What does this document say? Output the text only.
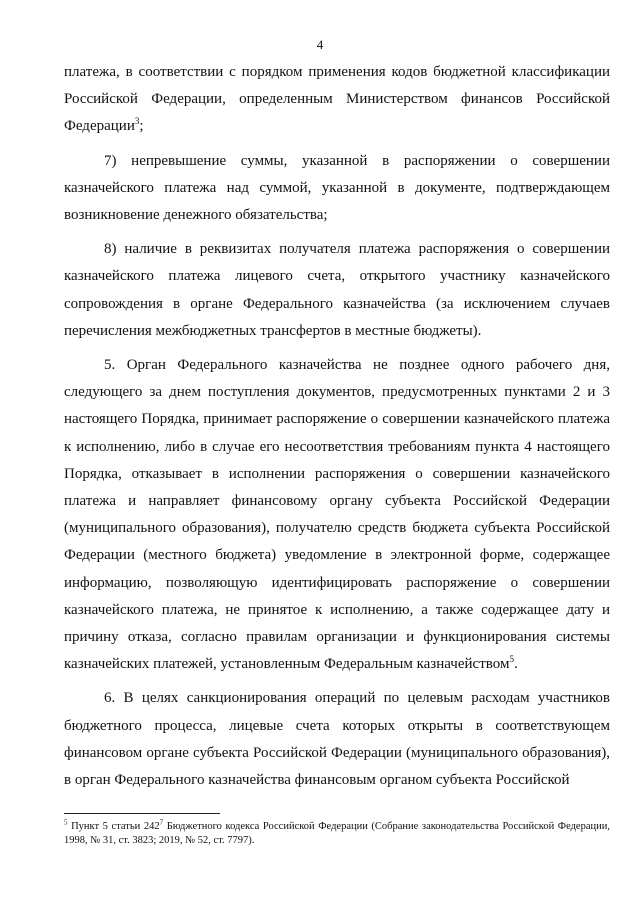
4

платежа, в соответствии с порядком применения кодов бюджетной классификации Российской Федерации, определенным Министерством финансов Российской Федерации$^3$;

7) непревышение суммы, указанной в распоряжении о совершении казначейского платежа над суммой, указанной в документе, подтверждающем возникновение денежного обязательства;

8) наличие в реквизитах получателя платежа распоряжения о совершении казначейского платежа лицевого счета, открытого участнику казначейского сопровождения в органе Федерального казначейства (за исключением случаев перечисления межбюджетных трансфертов в местные бюджеты).

5. Орган Федерального казначейства не позднее одного рабочего дня, следующего за днем поступления документов, предусмотренных пунктами 2 и 3 настоящего Порядка, принимает распоряжение о совершении казначейского платежа к исполнению, либо в случае его несоответствия требованиям пункта 4 настоящего Порядка, отказывает в исполнении распоряжения о совершении казначейского платежа и направляет финансовому органу субъекта Российской Федерации (муниципального образования), получателю средств бюджета субъекта Российской Федерации (местного бюджета) уведомление в электронной форме, содержащее информацию, позволяющую идентифицировать распоряжение о совершении казначейского платежа, не принятое к исполнению, а также содержащее дату и причину отказа, согласно правилам организации и функционирования системы казначейских платежей, установленным Федеральным казначейством$^5$.

6. В целях санкционирования операций по целевым расходам участников бюджетного процесса, лицевые счета которых открыты в соответствующем финансовом органе субъекта Российской Федерации (муниципального образования), в орган Федерального казначейства финансовым органом субъекта Российской

$^5$ Пункт 5 статьи $242^7$ Бюджетного кодекса Российской Федерации (Собрание законодательства Российской Федерации, 1998, № 31, ст. 3823; 2019, № 52, ст. 7797).
